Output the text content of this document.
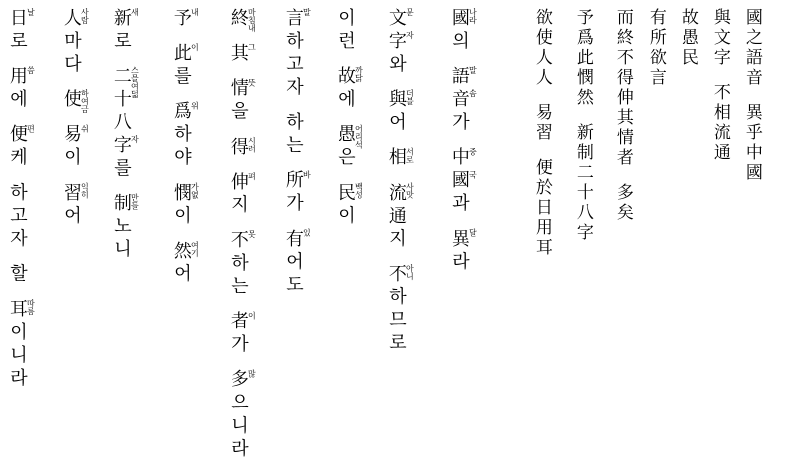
國之語音　異乎中國
與文字　不相流通
故愚民
有所欲言
而終不得伸其情者　多矣
予爲此憫然　新制二十八字
欲使人人　易習　便於日用耳
國나라의　語말音솜가　中중國국과　異달라
文문字자와　與더블어　相서로　流通사맛지　不아니하므로
이런　故까닭에　愚어리석은　民백성이
言말하고자　하는　所바가　有있어도
終마침내　其그　情뜻을　得시러　伸펴지　不못하는　者이가　多많으니라
予내　此이를　爲위하야　憫가엾이　然여기어
新새로　二十八스믈여덟字자를　制만들노니
人사람마다　使하여금　易쉬이　習익히어
日날로　用씀에　便편케　하고자　할　耳따름이니라
